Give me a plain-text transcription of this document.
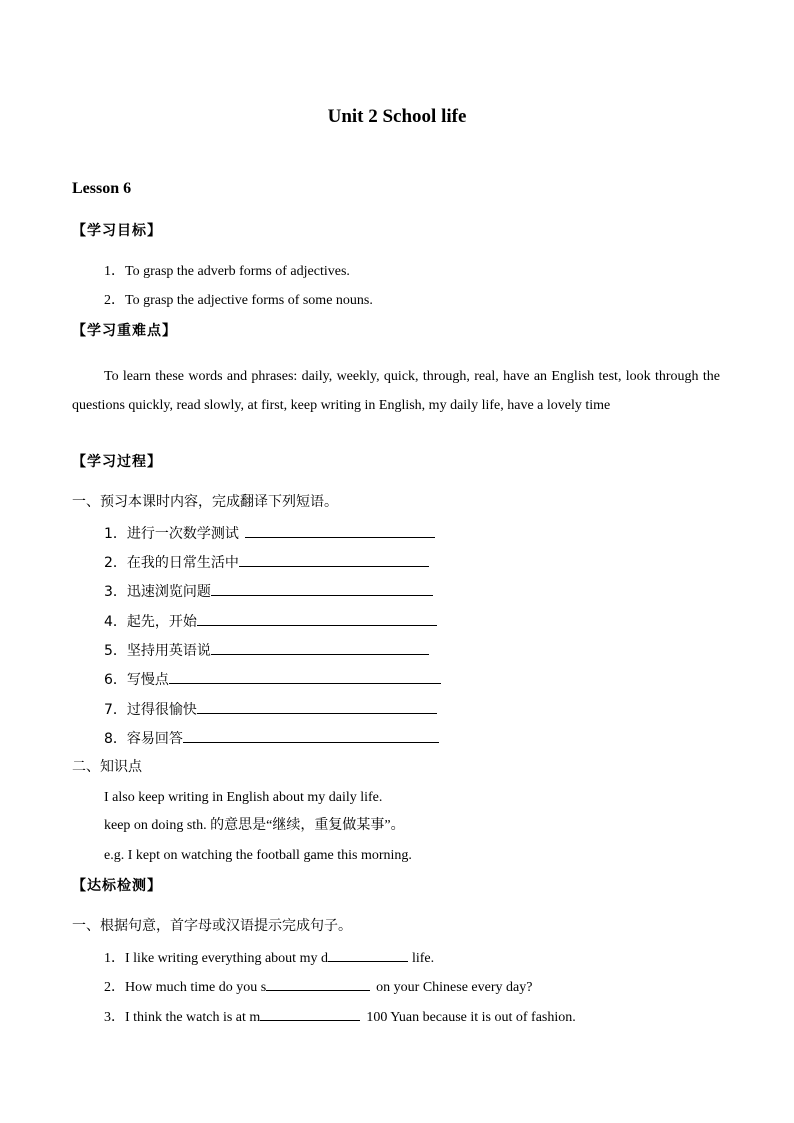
Unit 2 School life
Lesson 6
【学习目标】
1．To grasp the adverb forms of adjectives.
2．To grasp the adjective forms of some nouns.
【学习重难点】
To learn these words and phrases: daily, weekly, quick, through, real, have an English test, look through the questions quickly, read slowly, at first, keep writing in English, my daily life, have a lovely time
【学习过程】
一、预习本课时内容，完成翻译下列短语。
1．进行一次数学测试
2．在我的日常生活中
3．迅速浏览问题
4．起先，开始
5．坚持用英语说
6．写慢点
7．过得很愉快
8．容易回答
二、知识点
I also keep writing in English about my daily life.
keep on doing sth. 的意思是“继续，重复做某事”。
e.g. I kept on watching the football game this morning.
【达标检测】
一、根据句意，首字母或汉语提示完成句子。
1．I like writing everything about my d	life.
2．How much time do you s	on your Chinese every day?
3．I think the watch is at m	100 Yuan because it is out of fashion.
